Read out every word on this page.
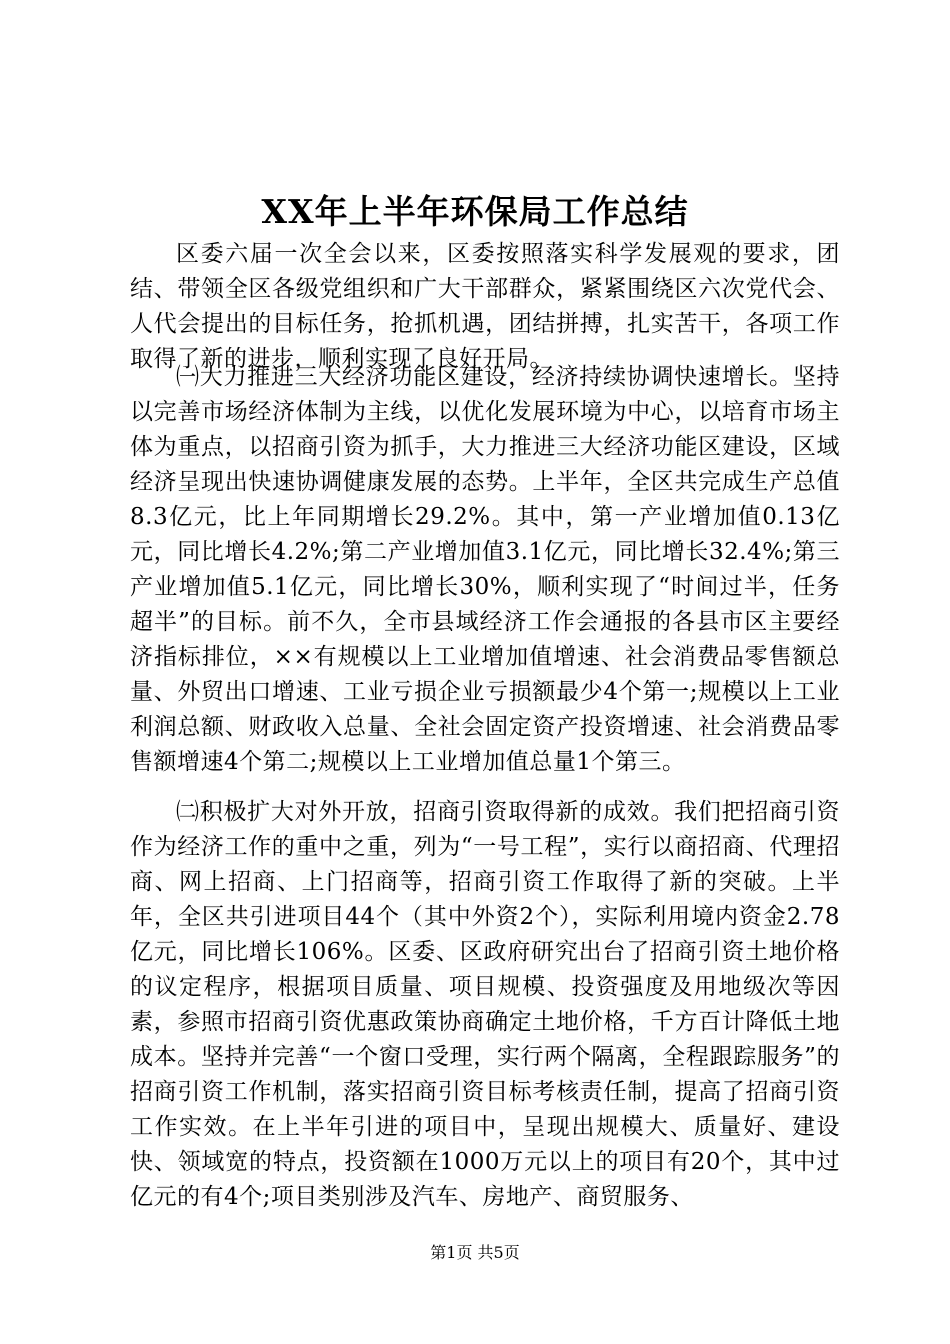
XX年上半年环保局工作总结

区委六届一次全会以来，区委按照落实科学发展观的要求，团结、带领全区各级党组织和广大干部群众，紧紧围绕区六次党代会、人代会提出的目标任务，抢抓机遇，团结拼搏，扎实苦干，各项工作取得了新的进步，顺利实现了良好开局。

㈠大力推进三大经济功能区建设，经济持续协调快速增长。坚持以完善市场经济体制为主线，以优化发展环境为中心，以培育市场主体为重点，以招商引资为抓手，大力推进三大经济功能区建设，区域经济呈现出快速协调健康发展的态势。上半年，全区共完成生产总值8.3亿元，比上年同期增长29.2%。其中，第一产业增加值0.13亿元，同比增长4.2%;第二产业增加值3.1亿元，同比增长32.4%;第三产业增加值5.1亿元，同比增长30%，顺利实现了“时间过半，任务超半”的目标。前不久，全市县域经济工作会通报的各县市区主要经济指标排位，××有规模以上工业增加值增速、社会消费品零售额总量、外贸出口增速、工业亏损企业亏损额最少4个第一;规模以上工业利润总额、财政收入总量、全社会固定资产投资增速、社会消费品零售额增速4个第二;规模以上工业增加值总量1个第三。

㈡积极扩大对外开放，招商引资取得新的成效。我们把招商引资作为经济工作的重中之重，列为“一号工程”，实行以商招商、代理招商、网上招商、上门招商等，招商引资工作取得了新的突破。上半年，全区共引进项目44个（其中外资2个），实际利用境内资金2.78亿元，同比增长106%。区委、区政府研究出台了招商引资土地价格的议定程序，根据项目质量、项目规模、投资强度及用地级次等因素，参照市招商引资优惠政策协商确定土地价格，千方百计降低土地成本。坚持并完善“一个窗口受理，实行两个隔离，全程跟踪服务”的招商引资工作机制，落实招商引资目标考核责任制，提高了招商引资工作实效。在上半年引进的项目中，呈现出规模大、质量好、建设快、领域宽的特点，投资额在1000万元以上的项目有20个，其中过亿元的有4个;项目类别涉及汽车、房地产、商贸服务、

第1页 共5页
